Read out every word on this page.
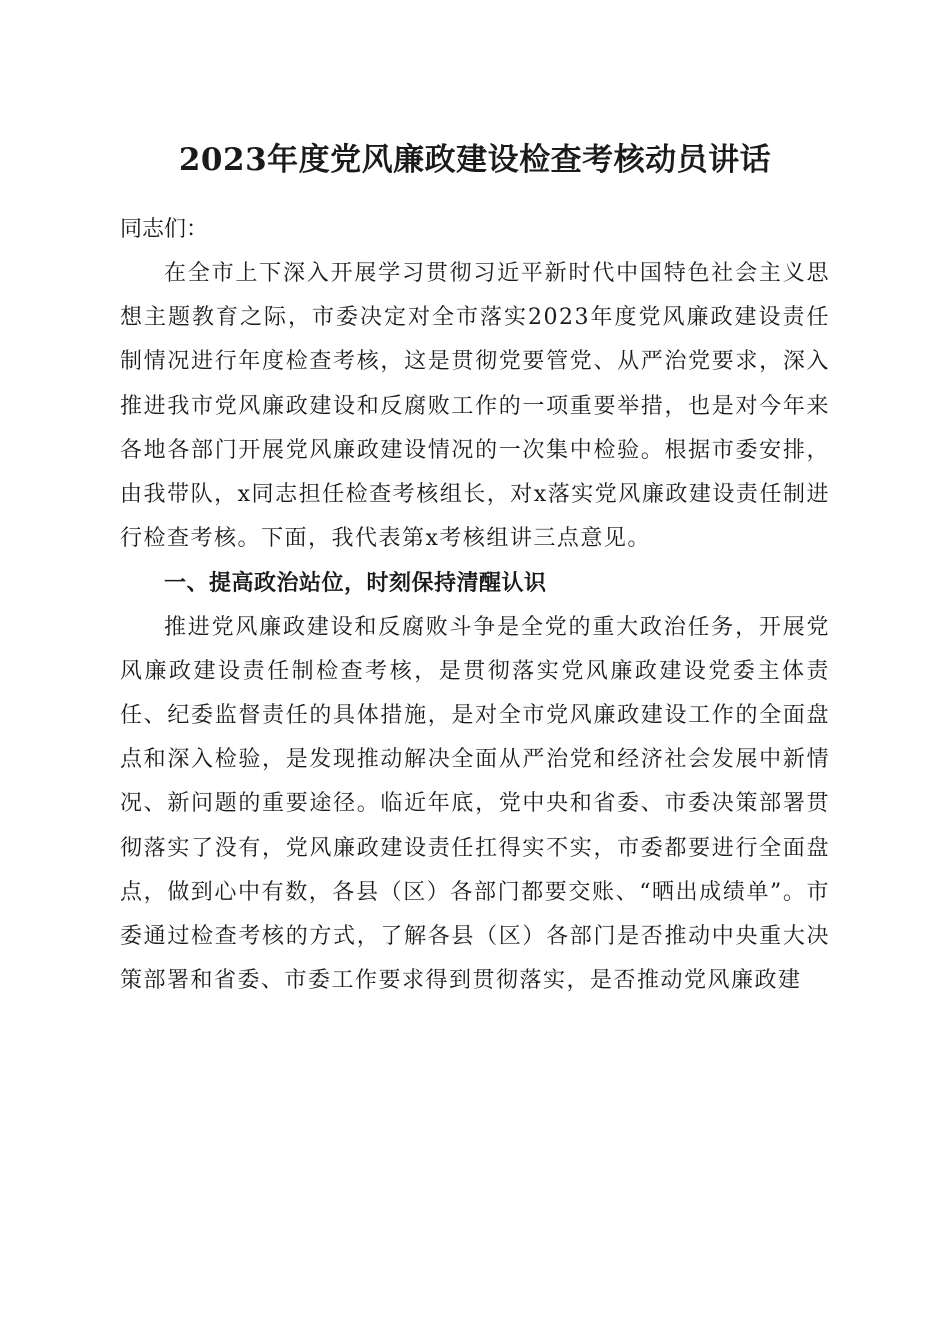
2023年度党风廉政建设检查考核动员讲话

同志们：

在全市上下深入开展学习贯彻习近平新时代中国特色社会主义思想主题教育之际，市委决定对全市落实2023年度党风廉政建设责任制情况进行年度检查考核，这是贯彻党要管党、从严治党要求，深入推进我市党风廉政建设和反腐败工作的一项重要举措，也是对今年来各地各部门开展党风廉政建设情况的一次集中检验。根据市委安排，由我带队，x同志担任检查考核组长，对x落实党风廉政建设责任制进行检查考核。下面，我代表第x考核组讲三点意见。

一、提高政治站位，时刻保持清醒认识

推进党风廉政建设和反腐败斗争是全党的重大政治任务，开展党风廉政建设责任制检查考核，是贯彻落实党风廉政建设党委主体责任、纪委监督责任的具体措施，是对全市党风廉政建设工作的全面盘点和深入检验，是发现推动解决全面从严治党和经济社会发展中新情况、新问题的重要途径。临近年底，党中央和省委、市委决策部署贯彻落实了没有，党风廉政建设责任扛得实不实，市委都要进行全面盘点，做到心中有数，各县（区）各部门都要交账、“晒出成绩单”。市委通过检查考核的方式，了解各县（区）各部门是否推动中央重大决策部署和省委、市委工作要求得到贯彻落实，是否推动党风廉政建
